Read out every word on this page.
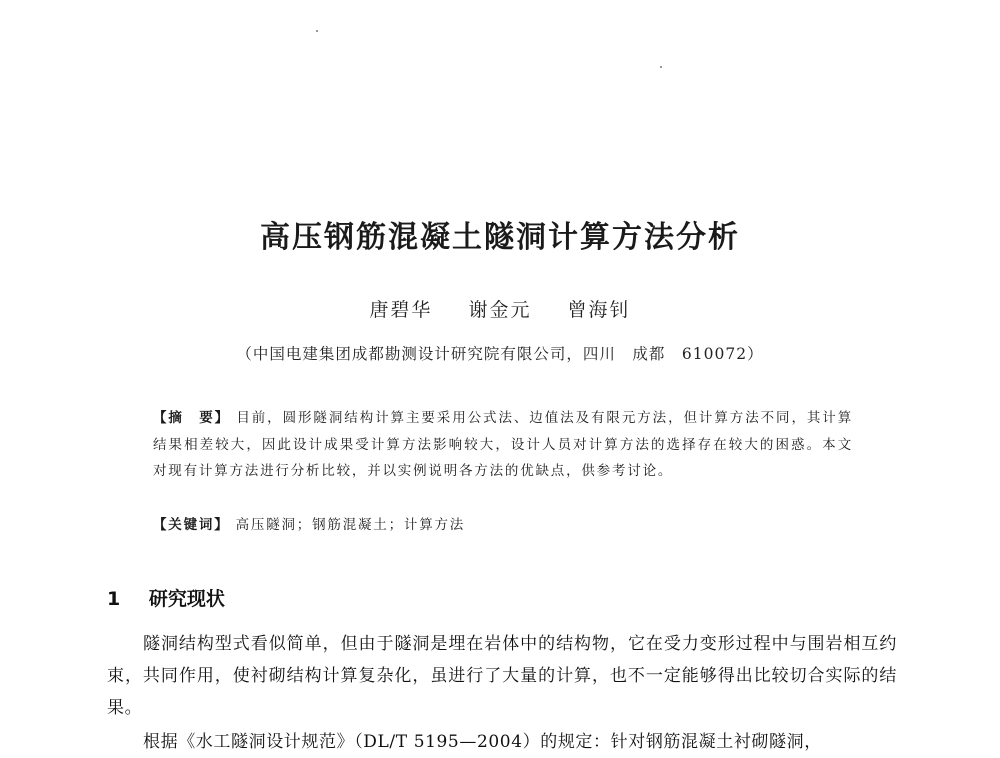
高压钢筋混凝土隧洞计算方法分析
唐碧华 谢金元 曾海钊
（中国电建集团成都勘测设计研究院有限公司，四川　成都　610072）
【摘　要】 目前，圆形隧洞结构计算主要采用公式法、边值法及有限元方法，但计算方法不同，其计算结果相差较大，因此设计成果受计算方法影响较大，设计人员对计算方法的选择存在较大的困惑。本文对现有计算方法进行分析比较，并以实例说明各方法的优缺点，供参考讨论。
【关键词】 高压隧洞；钢筋混凝土；计算方法
1 研究现状
隧洞结构型式看似简单，但由于隧洞是埋在岩体中的结构物，它在受力变形过程中与围岩相互约束，共同作用，使衬砌结构计算复杂化，虽进行了大量的计算，也不一定能够得出比较切合实际的结果。
根据《水工隧洞设计规范》（DL/T 5195—2004）的规定：针对钢筋混凝土衬砌隧洞，
